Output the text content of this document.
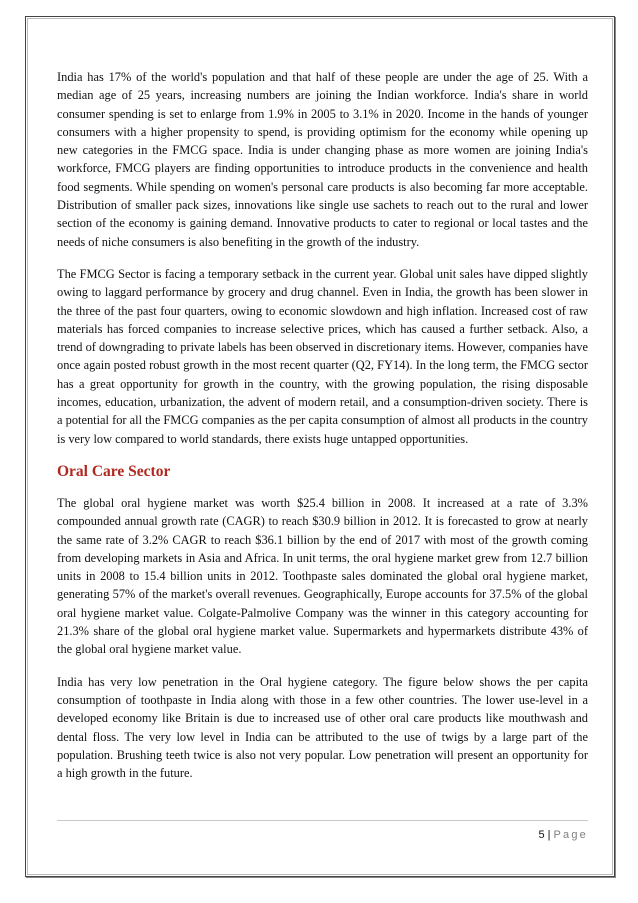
India has 17% of the world's population and that half of these people are under the age of 25. With a median age of 25 years, increasing numbers are joining the Indian workforce. India's share in world consumer spending is set to enlarge from 1.9% in 2005 to 3.1% in 2020. Income in the hands of younger consumers with a higher propensity to spend, is providing optimism for the economy while opening up new categories in the FMCG space. India is under changing phase as more women are joining India's workforce, FMCG players are finding opportunities to introduce products in the convenience and health food segments. While spending on women's personal care products is also becoming far more acceptable. Distribution of smaller pack sizes, innovations like single use sachets to reach out to the rural and lower section of the economy is gaining demand. Innovative products to cater to regional or local tastes and the needs of niche consumers is also benefiting in the growth of the industry.

The FMCG Sector is facing a temporary setback in the current year. Global unit sales have dipped slightly owing to laggard performance by grocery and drug channel. Even in India, the growth has been slower in the three of the past four quarters, owing to economic slowdown and high inflation. Increased cost of raw materials has forced companies to increase selective prices, which has caused a further setback. Also, a trend of downgrading to private labels has been observed in discretionary items. However, companies have once again posted robust growth in the most recent quarter (Q2, FY14). In the long term, the FMCG sector has a great opportunity for growth in the country, with the growing population, the rising disposable incomes, education, urbanization, the advent of modern retail, and a consumption-driven society. There is a potential for all the FMCG companies as the per capita consumption of almost all products in the country is very low compared to world standards, there exists huge untapped opportunities.

Oral Care Sector

The global oral hygiene market was worth $25.4 billion in 2008. It increased at a rate of 3.3% compounded annual growth rate (CAGR) to reach $30.9 billion in 2012. It is forecasted to grow at nearly the same rate of 3.2% CAGR to reach $36.1 billion by the end of 2017 with most of the growth coming from developing markets in Asia and Africa. In unit terms, the oral hygiene market grew from 12.7 billion units in 2008 to 15.4 billion units in 2012. Toothpaste sales dominated the global oral hygiene market, generating 57% of the market's overall revenues. Geographically, Europe accounts for 37.5% of the global oral hygiene market value. Colgate-Palmolive Company was the winner in this category accounting for 21.3% share of the global oral hygiene market value. Supermarkets and hypermarkets distribute 43% of the global oral hygiene market value.

India has very low penetration in the Oral hygiene category. The figure below shows the per capita consumption of toothpaste in India along with those in a few other countries. The lower use-level in a developed economy like Britain is due to increased use of other oral care products like mouthwash and dental floss. The very low level in India can be attributed to the use of twigs by a large part of the population. Brushing teeth twice is also not very popular. Low penetration will present an opportunity for a high growth in the future.

5 | Page
